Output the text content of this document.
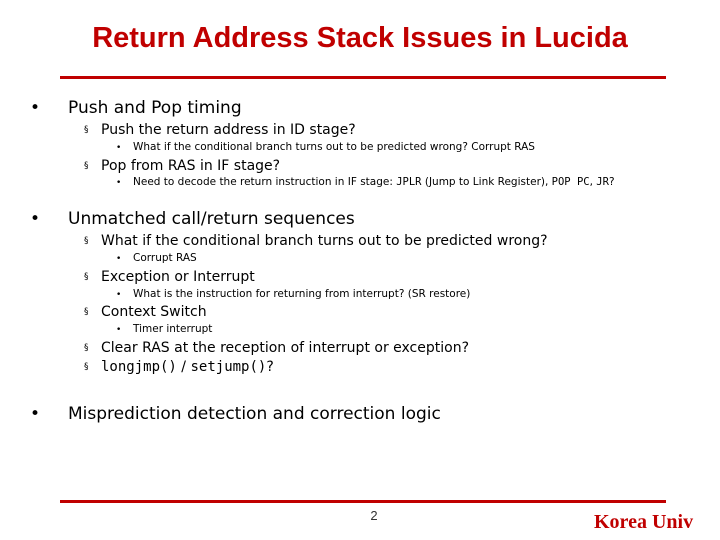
Return Address Stack Issues in Lucida
• Push and Pop timing
§ Push the return address in ID stage?
• What if the conditional branch turns out to be predicted wrong? Corrupt RAS
§ Pop from RAS in IF stage?
• Need to decode the return instruction in IF stage: JPLR (Jump to Link Register), POP PC, JR?
• Unmatched call/return sequences
§ What if the conditional branch turns out to be predicted wrong?
• Corrupt RAS
§ Exception or Interrupt
• What is the instruction for returning from interrupt? (SR restore)
§ Context Switch
• Timer interrupt
§ Clear RAS at the reception of interrupt or exception?
§ longjmp() / setjump()?
• Misprediction detection and correction logic
2	Korea Univ
